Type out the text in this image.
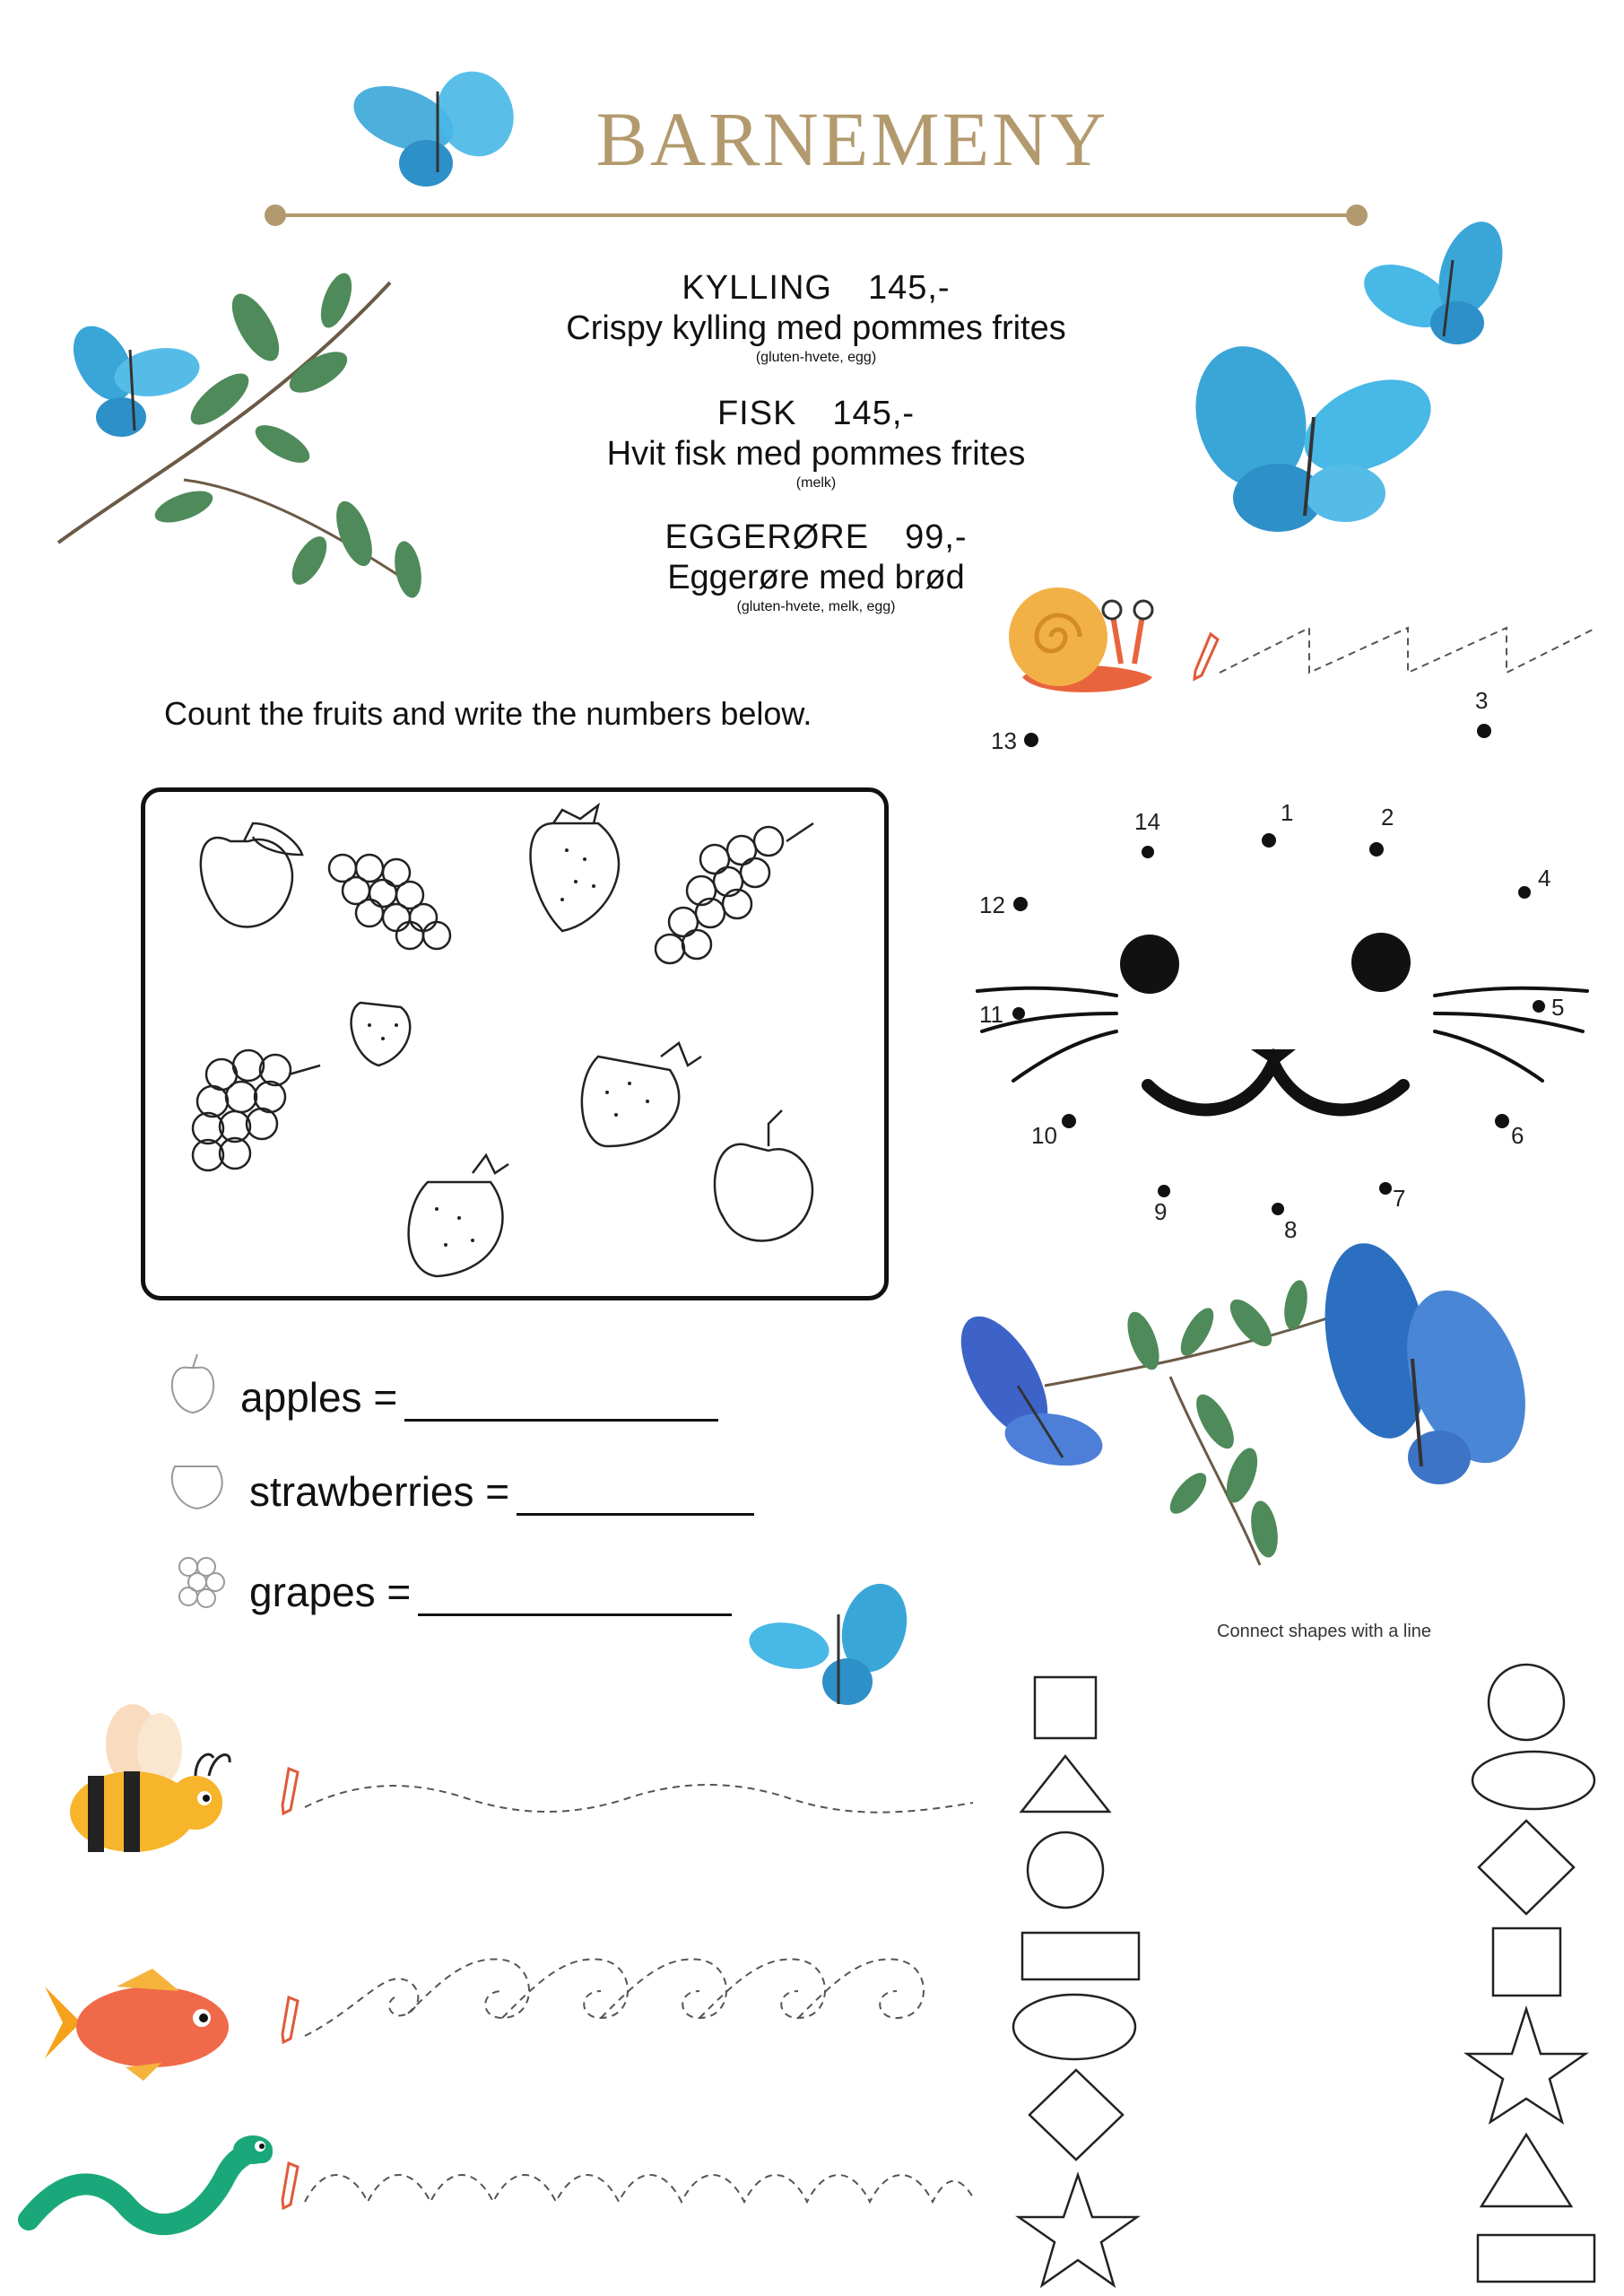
BARNEMENY
KYLLING 145,-
Crispy kylling med pommes frites
(gluten-hvete, egg)
FISK 145,-
Hvit fisk med pommes frites
(melk)
EGGERØRE 99,-
Eggerøre med brød
(gluten-hvete, melk, egg)
Count the fruits and write the numbers below.
apples =
strawberries =
grapes =
13
3
14	1	2
12
4
11	5
10	6
9
8
7
Connect shapes with a line
